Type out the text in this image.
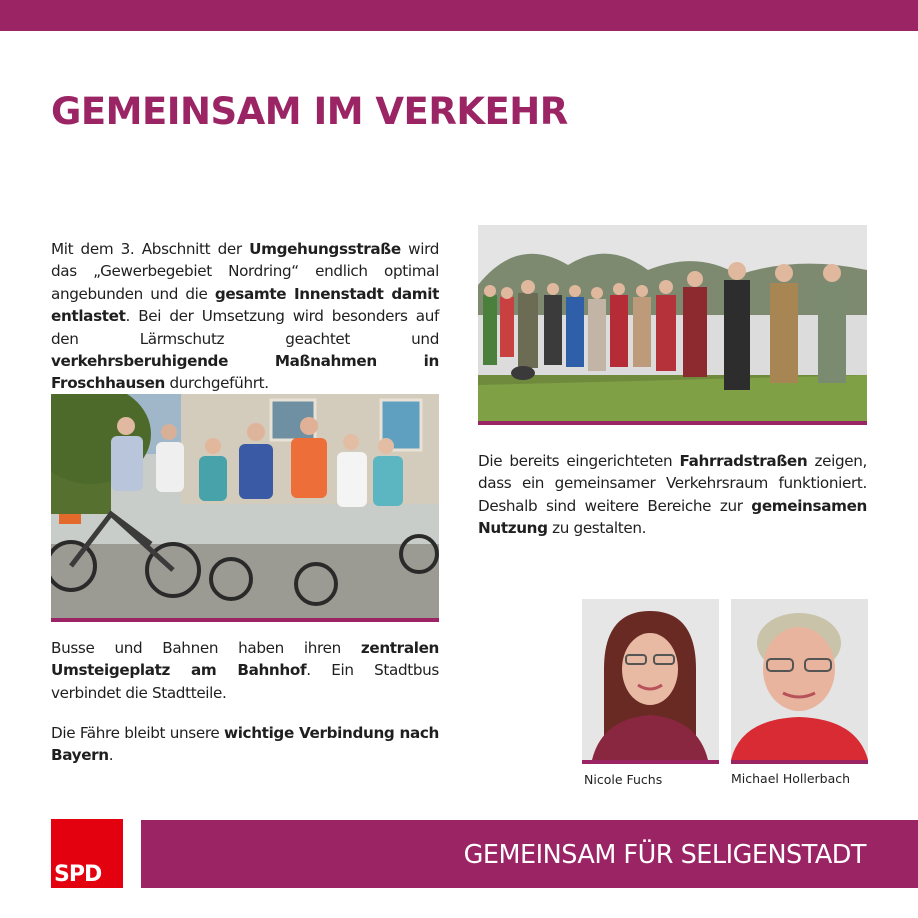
GEMEINSAM IM VERKEHR

Mit dem 3. Abschnitt der Umgehungsstraße wird das „Gewerbegebiet Nordring“ endlich optimal angebunden und die gesamte Innenstadt damit entlastet. Bei der Umsetzung wird besonders auf den Lärmschutz geachtet und verkehrsberuhigende Maßnahmen in Froschhausen durchgeführt.

Busse und Bahnen haben ihren zentralen Umsteigeplatz am Bahnhof. Ein Stadtbus verbindet die Stadtteile.

Die Fähre bleibt unsere wichtige Verbindung nach Bayern.

Die bereits eingerichteten Fahrradstraßen zeigen, dass ein gemeinsamer Verkehrsraum funktioniert. Deshalb sind weitere Bereiche zur gemeinsamen Nutzung zu gestalten.

Nicole Fuchs	Michael Hollerbach
SPD
GEMEINSAM FÜR SELIGENSTADT
